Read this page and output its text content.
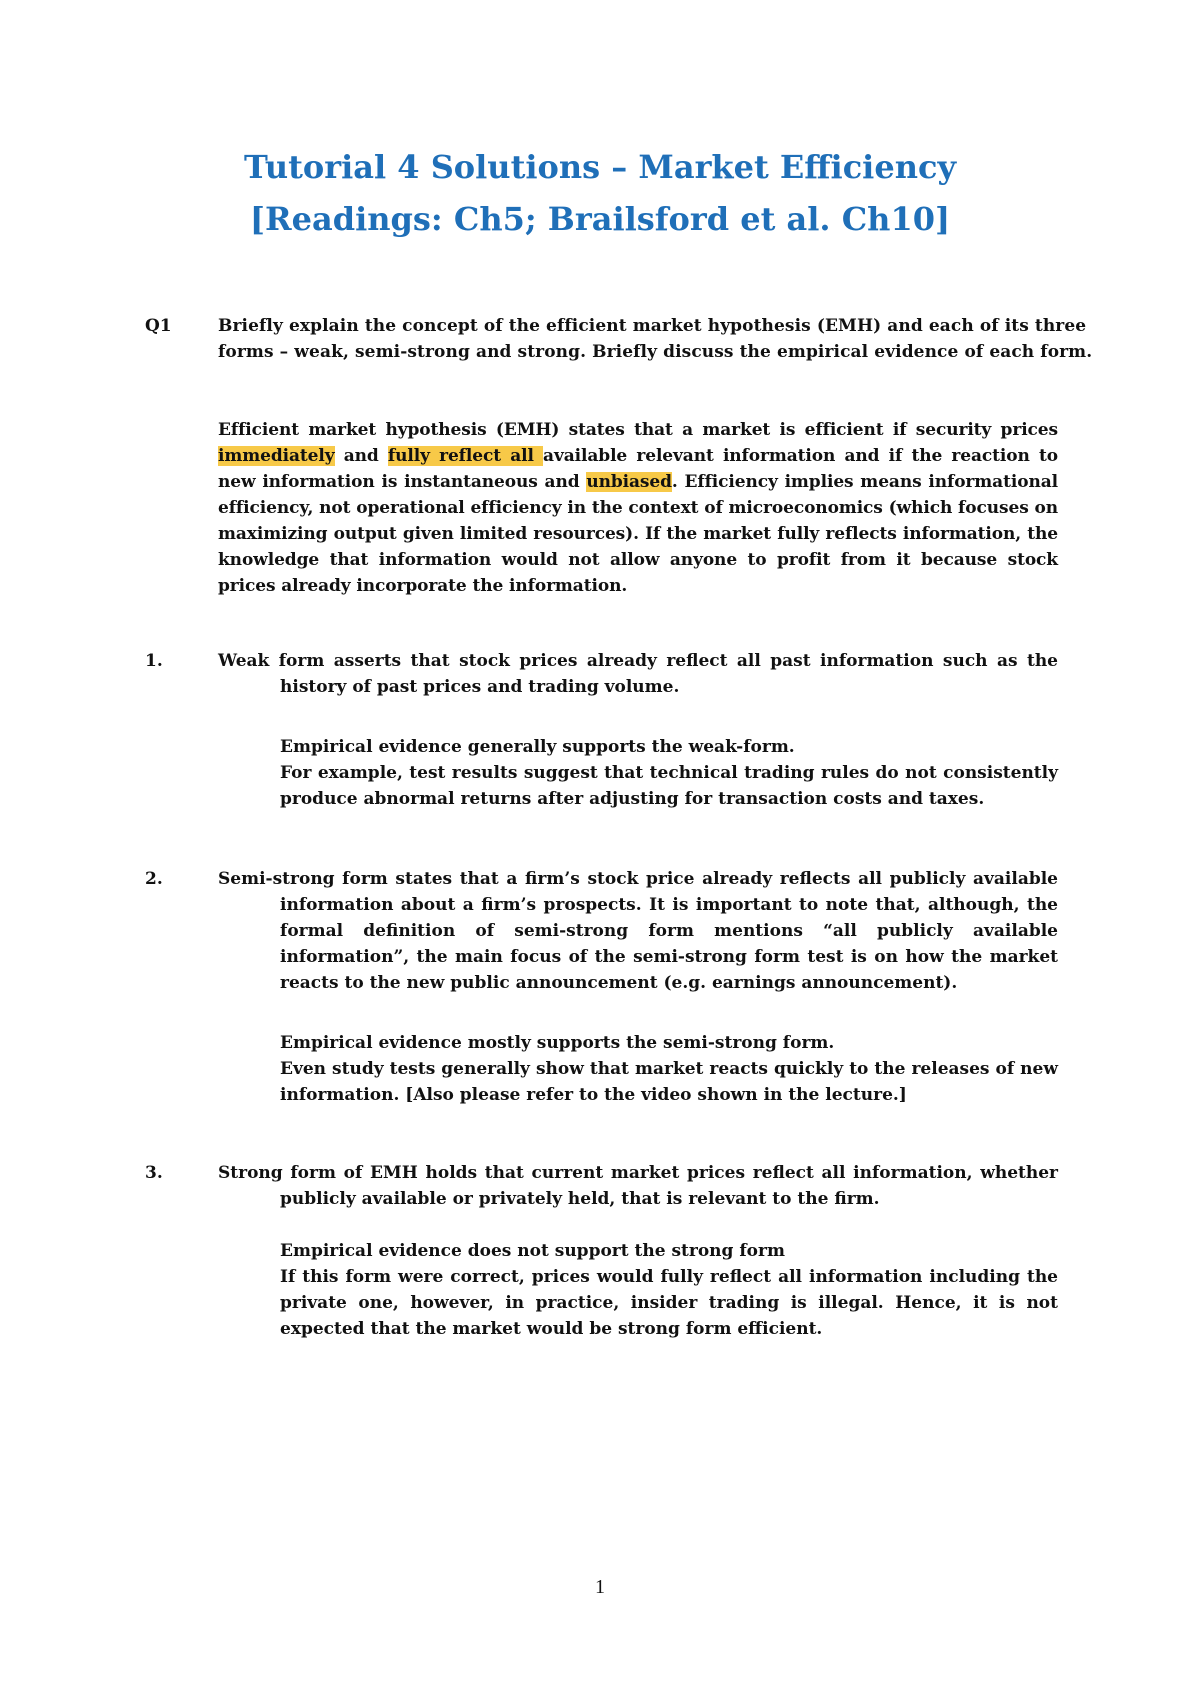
Tutorial 4 Solutions – Market Efficiency
[Readings: Ch5; Brailsford et al. Ch10]
Q1	Briefly explain the concept of the efficient market hypothesis (EMH) and each of its three forms – weak, semi-strong and strong. Briefly discuss the empirical evidence of each form.
Efficient market hypothesis (EMH) states that a market is efficient if security prices immediately and fully reflect all available relevant information and if the reaction to new information is instantaneous and unbiased. Efficiency implies means informational efficiency, not operational efficiency in the context of microeconomics (which focuses on maximizing output given limited resources). If the market fully reflects information, the knowledge that information would not allow anyone to profit from it because stock prices already incorporate the information.
1.	Weak form asserts that stock prices already reflect all past information such as the
history of past prices and trading volume.
Empirical evidence generally supports the weak-form.
For example, test results suggest that technical trading rules do not consistently produce abnormal returns after adjusting for transaction costs and taxes.
2.	Semi-strong form states that a firm’s stock price already reflects all publicly available
information about a firm’s prospects. It is important to note that, although, the formal definition of semi-strong form mentions “all publicly available information”, the main focus of the semi-strong form test is on how the market reacts to the new public announcement (e.g. earnings announcement).
Empirical evidence mostly supports the semi-strong form.
Even study tests generally show that market reacts quickly to the releases of new information. [Also please refer to the video shown in the lecture.]
3.	Strong form of EMH holds that current market prices reflect all information, whether
publicly available or privately held, that is relevant to the firm.
Empirical evidence does not support the strong form
If this form were correct, prices would fully reflect all information including the private one, however, in practice, insider trading is illegal. Hence, it is not expected that the market would be strong form efficient.
1
